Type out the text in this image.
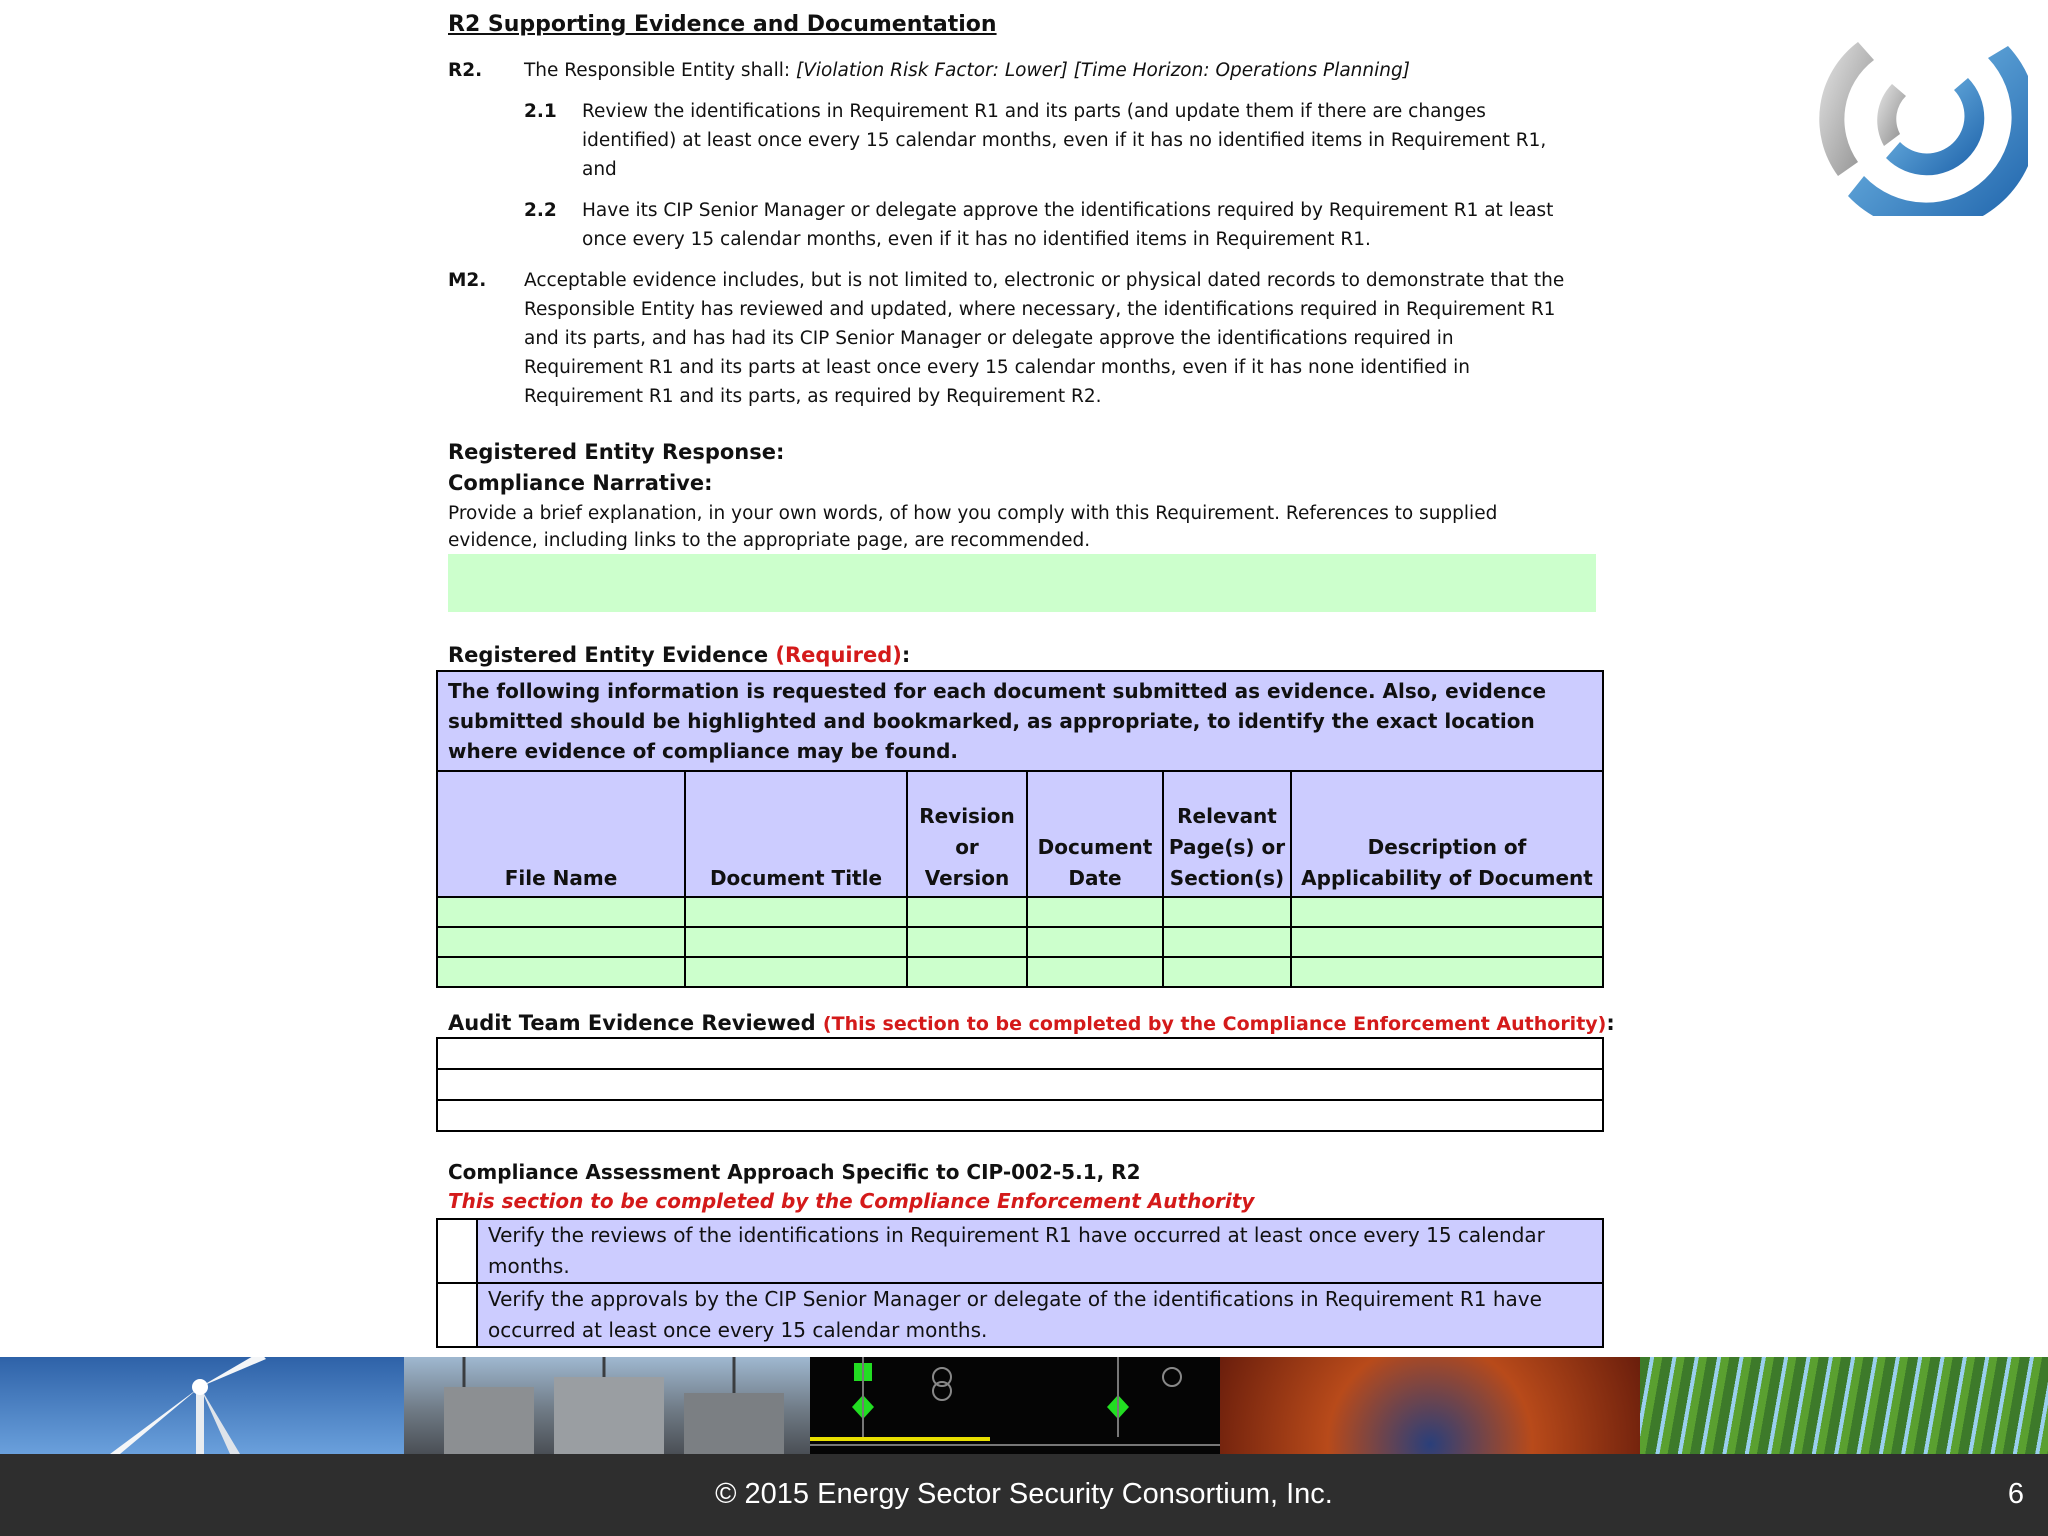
R2 Supporting Evidence and Documentation
R2. The Responsible Entity shall: [Violation Risk Factor: Lower] [Time Horizon: Operations Planning]
2.1 Review the identifications in Requirement R1 and its parts (and update them if there are changes
identified) at least once every 15 calendar months, even if it has no identified items in Requirement R1,
and
2.2 Have its CIP Senior Manager or delegate approve the identifications required by Requirement R1 at least
once every 15 calendar months, even if it has no identified items in Requirement R1.
M2. Acceptable evidence includes, but is not limited to, electronic or physical dated records to demonstrate that the
Responsible Entity has reviewed and updated, where necessary, the identifications required in Requirement R1
and its parts, and has had its CIP Senior Manager or delegate approve the identifications required in
Requirement R1 and its parts at least once every 15 calendar months, even if it has none identified in
Requirement R1 and its parts, as required by Requirement R2.
Registered Entity Response:
Compliance Narrative:
Provide a brief explanation, in your own words, of how you comply with this Requirement. References to supplied
evidence, including links to the appropriate page, are recommended.
Registered Entity Evidence (Required):
The following information is requested for each document submitted as evidence. Also, evidence submitted should be highlighted and bookmarked, as appropriate, to identify the exact location where evidence of compliance may be found.					
File Name	Document Title	Revision or Version	Document Date	Relevant Page(s) or Section(s)	Description of Applicability of Document

Audit Team Evidence Reviewed (This section to be completed by the Compliance Enforcement Authority):

Compliance Assessment Approach Specific to CIP-002-5.1, R2
This section to be completed by the Compliance Enforcement Authority
	Verify the reviews of the identifications in Requirement R1 have occurred at least once every 15 calendar months.
	Verify the approvals by the CIP Senior Manager or delegate of the identifications in Requirement R1 have occurred at least once every 15 calendar months.
© 2015 Energy Sector Security Consortium, Inc.	6
